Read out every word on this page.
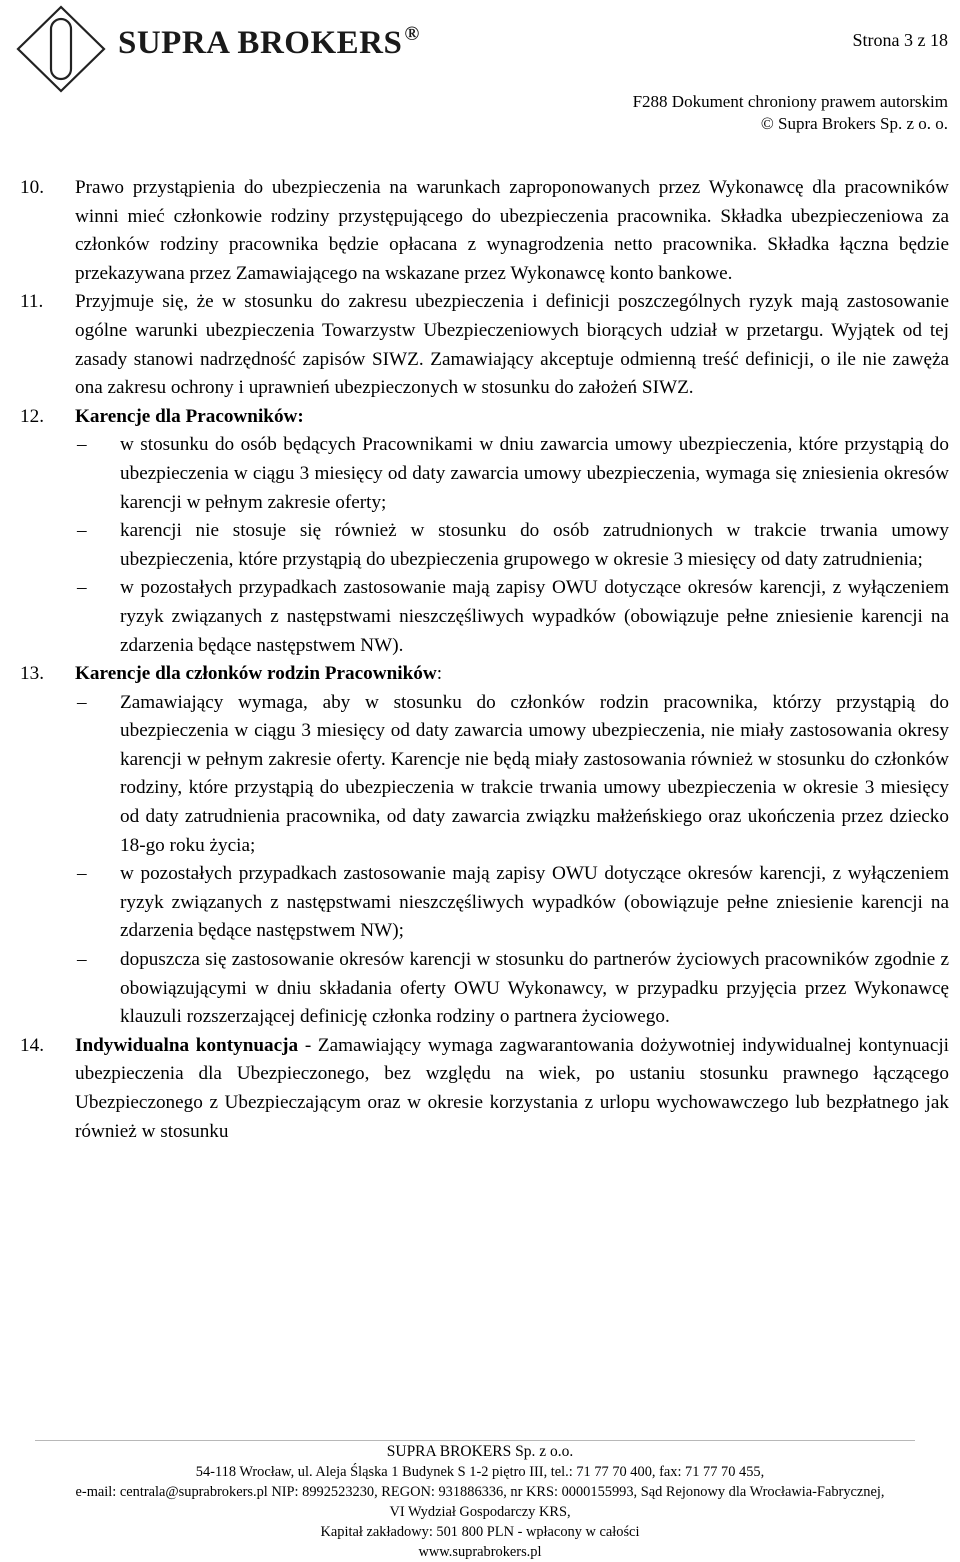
SUPRA BROKERS ®	Strona 3 z 18
F288 Dokument chroniony prawem autorskim
© Supra Brokers Sp. z o. o.
10. Prawo przystąpienia do ubezpieczenia na warunkach zaproponowanych przez Wykonawcę dla pracowników winni mieć członkowie rodziny przystępującego do ubezpieczenia pracownika. Składka ubezpieczeniowa za członków rodziny pracownika będzie opłacana z wynagrodzenia netto pracownika. Składka łączna będzie przekazywana przez Zamawiającego na wskazane przez Wykonawcę konto bankowe.
11. Przyjmuje się, że w stosunku do zakresu ubezpieczenia i definicji poszczególnych ryzyk mają zastosowanie ogólne warunki ubezpieczenia Towarzystw Ubezpieczeniowych biorących udział w przetargu. Wyjątek od tej zasady stanowi nadrzędność zapisów SIWZ. Zamawiający akceptuje odmienną treść definicji, o ile nie zawęża ona zakresu ochrony i uprawnień ubezpieczonych w stosunku do założeń SIWZ.
12. Karencje dla Pracowników:
– w stosunku do osób będących Pracownikami w dniu zawarcia umowy ubezpieczenia, które przystąpią do ubezpieczenia w ciągu 3 miesięcy od daty zawarcia umowy ubezpieczenia, wymaga się zniesienia okresów karencji w pełnym zakresie oferty;
– karencji nie stosuje się również w stosunku do osób zatrudnionych w trakcie trwania umowy ubezpieczenia, które przystąpią do ubezpieczenia grupowego w okresie 3 miesięcy od daty zatrudnienia;
– w pozostałych przypadkach zastosowanie mają zapisy OWU dotyczące okresów karencji, z wyłączeniem ryzyk związanych z następstwami nieszczęśliwych wypadków (obowiązuje pełne zniesienie karencji na zdarzenia będące następstwem NW).
13. Karencje dla członków rodzin Pracowników:
– Zamawiający wymaga, aby w stosunku do członków rodzin pracownika, którzy przystąpią do ubezpieczenia w ciągu 3 miesięcy od daty zawarcia umowy ubezpieczenia, nie miały zastosowania okresy karencji w pełnym zakresie oferty. Karencje nie będą miały zastosowania również w stosunku do członków rodziny, które przystąpią do ubezpieczenia w trakcie trwania umowy ubezpieczenia w okresie 3 miesięcy od daty zatrudnienia pracownika, od daty zawarcia związku małżeńskiego oraz ukończenia przez dziecko 18-go roku życia;
– w pozostałych przypadkach zastosowanie mają zapisy OWU dotyczące okresów karencji, z wyłączeniem ryzyk związanych z następstwami nieszczęśliwych wypadków (obowiązuje pełne zniesienie karencji na zdarzenia będące następstwem NW);
– dopuszcza się zastosowanie okresów karencji w stosunku do partnerów życiowych pracowników zgodnie z obowiązującymi w dniu składania oferty OWU Wykonawcy, w przypadku przyjęcia przez Wykonawcę klauzuli rozszerzającej definicję członka rodziny o partnera życiowego.
14. Indywidualna kontynuacja - Zamawiający wymaga zagwarantowania dożywotniej indywidualnej kontynuacji ubezpieczenia dla Ubezpieczonego, bez względu na wiek, po ustaniu stosunku prawnego łączącego Ubezpieczonego z Ubezpieczającym oraz w okresie korzystania z urlopu wychowawczego lub bezpłatnego jak również w stosunku
SUPRA BROKERS Sp. z o.o.
54-118 Wrocław, ul. Aleja Śląska 1 Budynek S 1-2 piętro III, tel.: 71 77 70 400, fax: 71 77 70 455,
e-mail: centrala@suprabrokers.pl NIP: 8992523230, REGON: 931886336, nr KRS: 0000155993, Sąd Rejonowy dla Wrocławia-Fabrycznej,
VI Wydział Gospodarczy KRS,
Kapitał zakładowy: 501 800 PLN - wpłacony w całości
www.suprabrokers.pl
